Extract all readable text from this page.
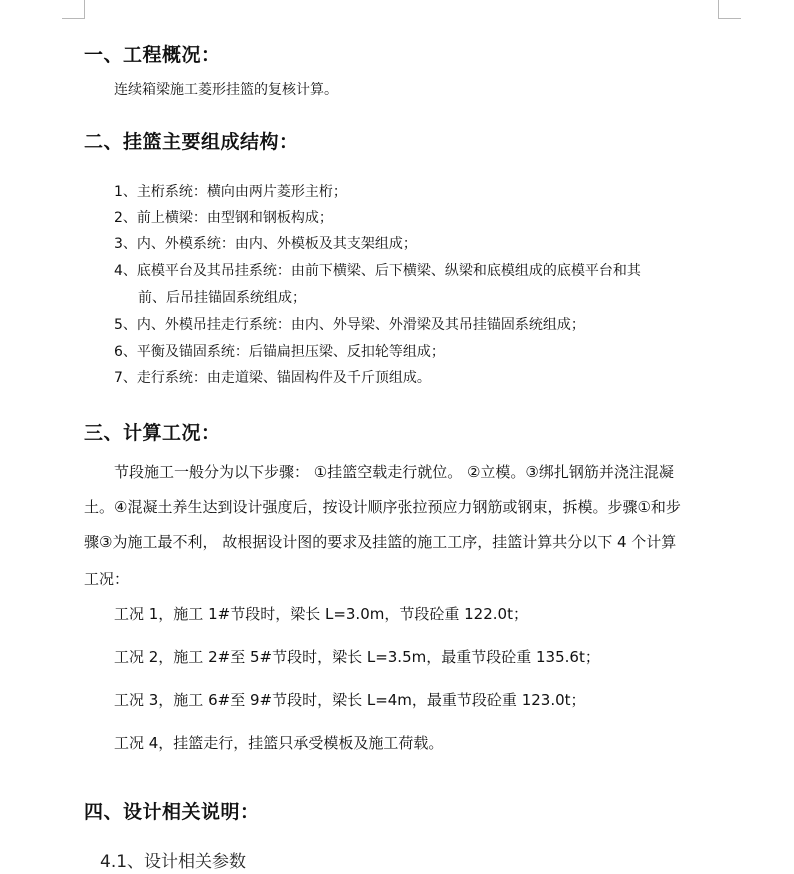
一、工程概况：
连续箱梁施工菱形挂篮的复核计算。
二、挂篮主要组成结构：
1、主桁系统：横向由两片菱形主桁；
2、前上横梁：由型钢和钢板构成；
3、内、外模系统：由内、外模板及其支架组成；
4、底模平台及其吊挂系统：由前下横梁、后下横梁、纵梁和底模组成的底模平台和其
前、后吊挂锚固系统组成；
5、内、外模吊挂走行系统：由内、外导梁、外滑梁及其吊挂锚固系统组成；
6、平衡及锚固系统：后锚扁担压梁、反扣轮等组成；
7、走行系统：由走道梁、锚固构件及千斤顶组成。
三、计算工况：
节段施工一般分为以下步骤： ①挂篮空载走行就位。 ②立模。③绑扎钢筋并浇注混凝
土。④混凝土养生达到设计强度后，按设计顺序张拉预应力钢筋或钢束，拆模。步骤①和步
骤③为施工最不利， 故根据设计图的要求及挂篮的施工工序，挂篮计算共分以下 4 个计算
工况：
工况 1，施工 1#节段时，梁长 L=3.0m，节段砼重 122.0t；
工况 2，施工 2#至 5#节段时，梁长 L=3.5m，最重节段砼重 135.6t；
工况 3，施工 6#至 9#节段时，梁长 L=4m，最重节段砼重 123.0t；
工况 4，挂篮走行，挂篮只承受模板及施工荷载。
四、设计相关说明：
4.1、设计相关参数
